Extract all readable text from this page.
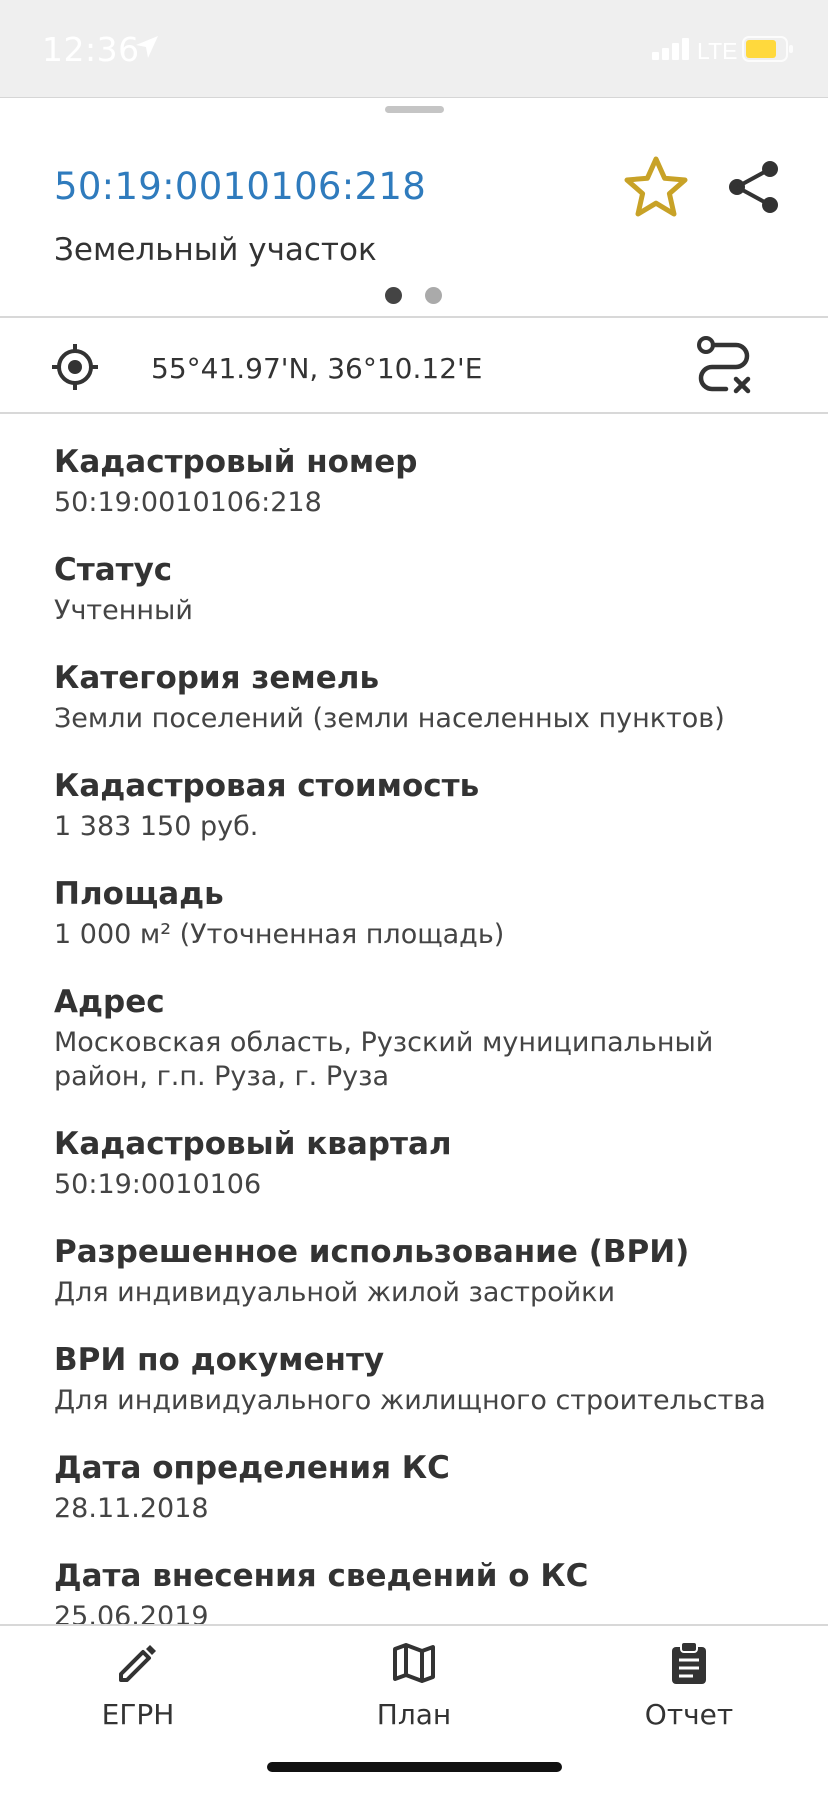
12:36	LTE
50:19:0010106:218
Земельный участок
55°41.97'N, 36°10.12'E
Кадастровый номер
50:19:0010106:218
Статус
Учтенный
Категория земель
Земли поселений (земли населенных пунктов)
Кадастровая стоимость
1 383 150 руб.
Площадь
1 000 м² (Уточненная площадь)
Адрес
Московская область, Рузский муниципальный район, г.п. Руза, г. Руза
Кадастровый квартал
50:19:0010106
Разрешенное использование (ВРИ)
Для индивидуальной жилой застройки
ВРИ по документу
Для индивидуального жилищного строительства
Дата определения КС
28.11.2018
Дата внесения сведений о КС
25.06.2019
ЕГРН	План	Отчет
